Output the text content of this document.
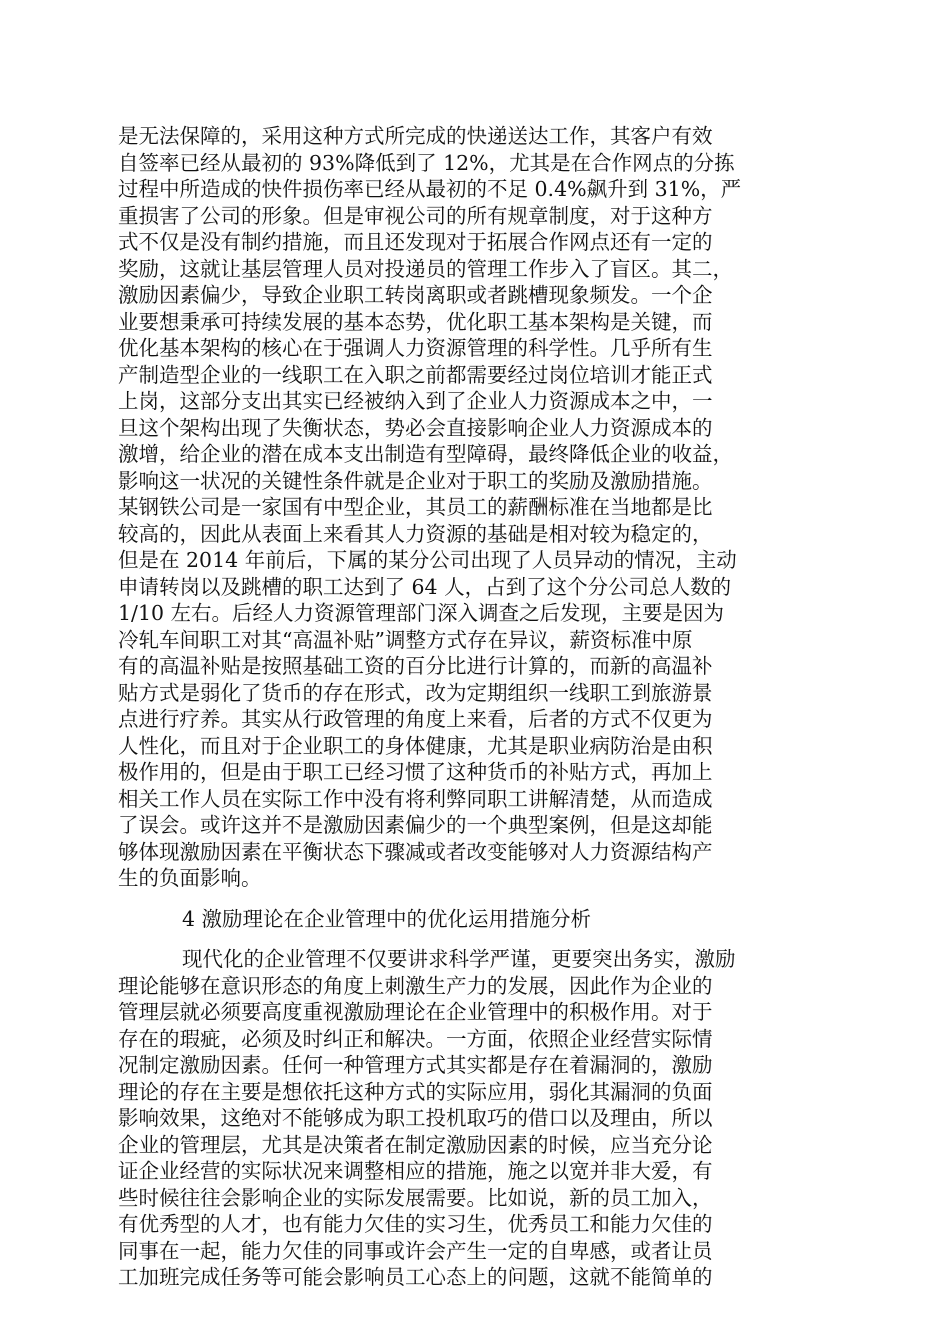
是无法保障的，采用这种方式所完成的快递送达工作，其客户有效
自签率已经从最初的 93%降低到了 12%，尤其是在合作网点的分拣
过程中所造成的快件损伤率已经从最初的不足 0.4%飙升到 31%，严
重损害了公司的形象。但是审视公司的所有规章制度，对于这种方
式不仅是没有制约措施，而且还发现对于拓展合作网点还有一定的
奖励，这就让基层管理人员对投递员的管理工作步入了盲区。其二，
激励因素偏少，导致企业职工转岗离职或者跳槽现象频发。一个企
业要想秉承可持续发展的基本态势，优化职工基本架构是关键，而
优化基本架构的核心在于强调人力资源管理的科学性。几乎所有生
产制造型企业的一线职工在入职之前都需要经过岗位培训才能正式
上岗，这部分支出其实已经被纳入到了企业人力资源成本之中，一
旦这个架构出现了失衡状态，势必会直接影响企业人力资源成本的
激增，给企业的潜在成本支出制造有型障碍，最终降低企业的收益，
影响这一状况的关键性条件就是企业对于职工的奖励及激励措施。
某钢铁公司是一家国有中型企业，其员工的薪酬标准在当地都是比
较高的，因此从表面上来看其人力资源的基础是相对较为稳定的，
但是在 2014 年前后，下属的某分公司出现了人员异动的情况，主动
申请转岗以及跳槽的职工达到了 64 人，占到了这个分公司总人数的
1/10 左右。后经人力资源管理部门深入调查之后发现，主要是因为
冷轧车间职工对其“高温补贴”调整方式存在异议，薪资标准中原
有的高温补贴是按照基础工资的百分比进行计算的，而新的高温补
贴方式是弱化了货币的存在形式，改为定期组织一线职工到旅游景
点进行疗养。其实从行政管理的角度上来看，后者的方式不仅更为
人性化，而且对于企业职工的身体健康，尤其是职业病防治是由积
极作用的，但是由于职工已经习惯了这种货币的补贴方式，再加上
相关工作人员在实际工作中没有将利弊同职工讲解清楚，从而造成
了误会。或许这并不是激励因素偏少的一个典型案例，但是这却能
够体现激励因素在平衡状态下骤减或者改变能够对人力资源结构产
生的负面影响。
4 激励理论在企业管理中的优化运用措施分析
现代化的企业管理不仅要讲求科学严谨，更要突出务实，激励
理论能够在意识形态的角度上刺激生产力的发展，因此作为企业的
管理层就必须要高度重视激励理论在企业管理中的积极作用。对于
存在的瑕疵，必须及时纠正和解决。一方面，依照企业经营实际情
况制定激励因素。任何一种管理方式其实都是存在着漏洞的，激励
理论的存在主要是想依托这种方式的实际应用，弱化其漏洞的负面
影响效果，这绝对不能够成为职工投机取巧的借口以及理由，所以
企业的管理层，尤其是决策者在制定激励因素的时候，应当充分论
证企业经营的实际状况来调整相应的措施，施之以宽并非大爱，有
些时候往往会影响企业的实际发展需要。比如说，新的员工加入，
有优秀型的人才，也有能力欠佳的实习生，优秀员工和能力欠佳的
同事在一起，能力欠佳的同事或许会产生一定的自卑感，或者让员
工加班完成任务等可能会影响员工心态上的问题，这就不能简单的
